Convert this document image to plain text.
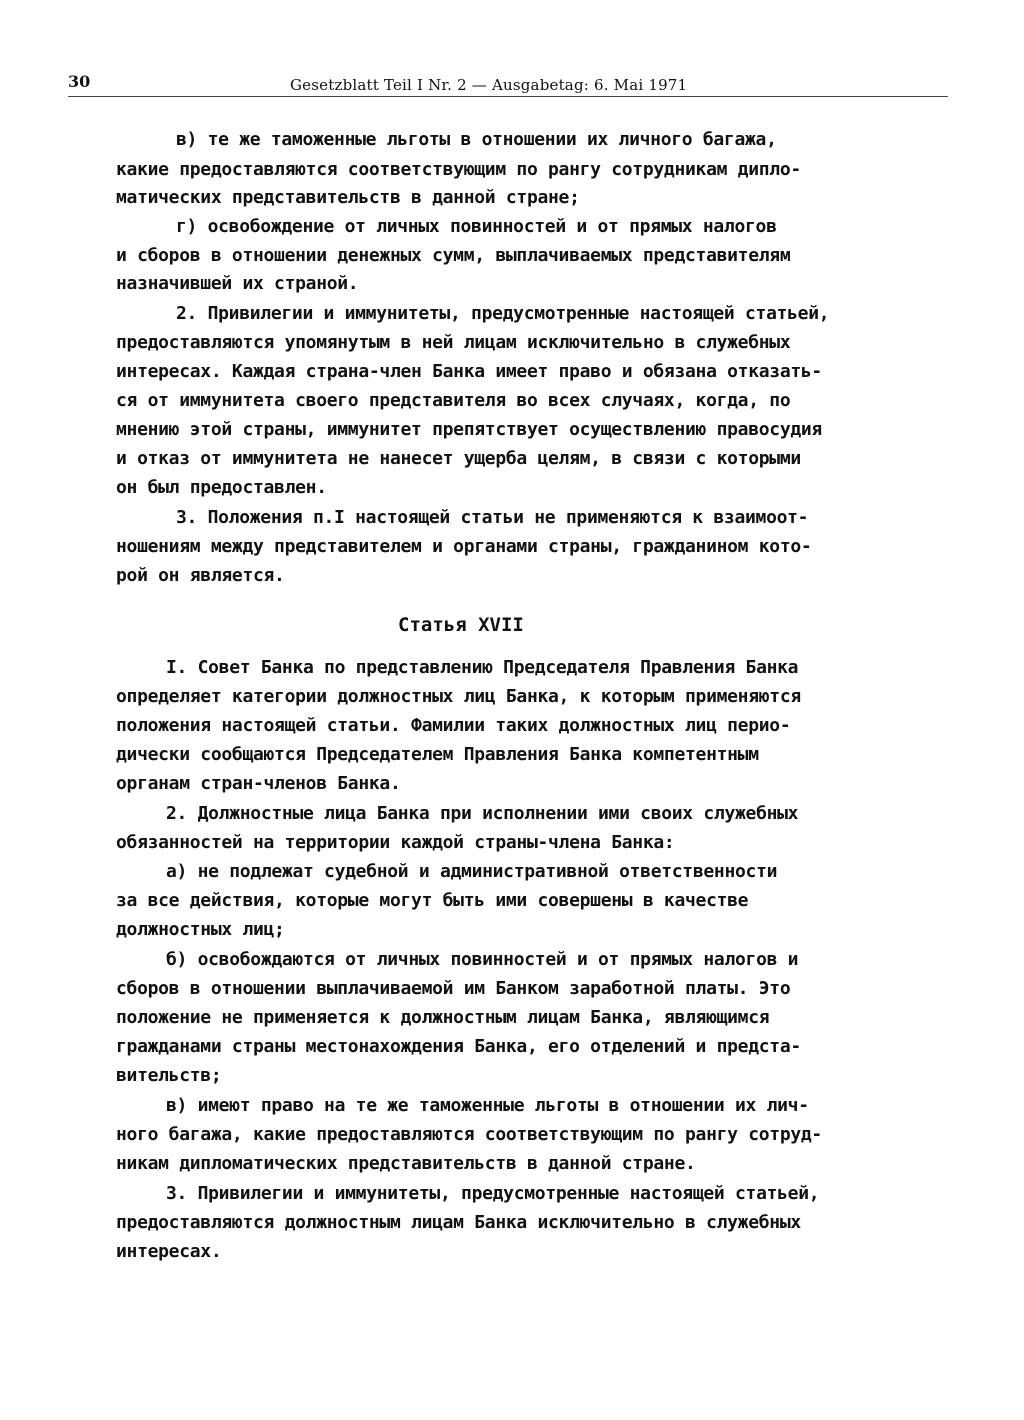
30	Gesetzblatt Teil I Nr. 2 — Ausgabetag: 6. Mai 1971
в) те же таможенные льготы в отношении их личного багажа,
какие предоставляются соответствующим по рангу сотрудникам дипло-
матических представительств в данной стране;
г) освобождение от личных повинностей и от прямых налогов
и сборов в отношении денежных сумм, выплачиваемых представителям
назначившей их страной.
2. Привилегии и иммунитеты, предусмотренные настоящей статьей,
предоставляются упомянутым в ней лицам исключительно в служебных
интересах. Каждая страна-член Банка имеет право и обязана отказать-
ся от иммунитета своего представителя во всех случаях, когда, по
мнению этой страны, иммунитет препятствует осуществлению правосудия
и отказ от иммунитета не нанесет ущерба целям, в связи с которыми
он был предоставлен.
3. Положения п.I настоящей статьи не применяются к взаимоот-
ношениям между представителем и органами страны, гражданином кото-
рой он является.
Статья XVII
I. Совет Банка по представлению Председателя Правления Банка
определяет категории должностных лиц Банка, к которым применяются
положения настоящей статьи. Фамилии таких должностных лиц перио-
дически сообщаются Председателем Правления Банка компетентным
органам стран-членов Банка.
2. Должностные лица Банка при исполнении ими своих служебных
обязанностей на территории каждой страны-члена Банка:
а) не подлежат судебной и административной ответственности
за все действия, которые могут быть ими совершены в качестве
должностных лиц;
б) освобождаются от личных повинностей и от прямых налогов и
сборов в отношении выплачиваемой им Банком заработной платы. Это
положение не применяется к должностным лицам Банка, являющимся
гражданами страны местонахождения Банка, его отделений и предста-
вительств;
в) имеют право на те же таможенные льготы в отношении их лич-
ного багажа, какие предоставляются соответствующим по рангу сотруд-
никам дипломатических представительств в данной стране.
3. Привилегии и иммунитеты, предусмотренные настоящей статьей,
предоставляются должностным лицам Банка исключительно в служебных
интересах.
